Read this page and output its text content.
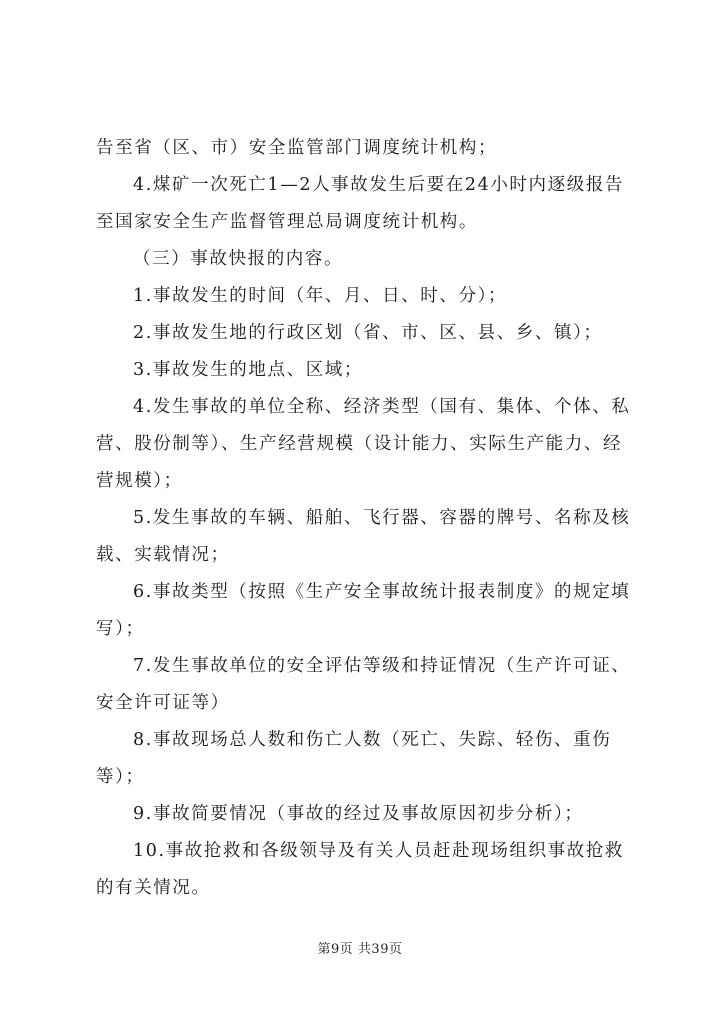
告至省（区、市）安全监管部门调度统计机构；
4.煤矿一次死亡1—2人事故发生后要在24小时内逐级报告
至国家安全生产监督管理总局调度统计机构。
（三）事故快报的内容。
1.事故发生的时间（年、月、日、时、分）；
2.事故发生地的行政区划（省、市、区、县、乡、镇）；
3.事故发生的地点、区域；
4.发生事故的单位全称、经济类型（国有、集体、个体、私
营、股份制等）、生产经营规模（设计能力、实际生产能力、经
营规模）；
5.发生事故的车辆、船舶、飞行器、容器的牌号、名称及核
载、实载情况；
6.事故类型（按照《生产安全事故统计报表制度》的规定填
写）；
7.发生事故单位的安全评估等级和持证情况（生产许可证、
安全许可证等）
8.事故现场总人数和伤亡人数（死亡、失踪、轻伤、重伤
等）；
9.事故简要情况（事故的经过及事故原因初步分析）；
10.事故抢救和各级领导及有关人员赶赴现场组织事故抢救
的有关情况。
第9页 共39页
